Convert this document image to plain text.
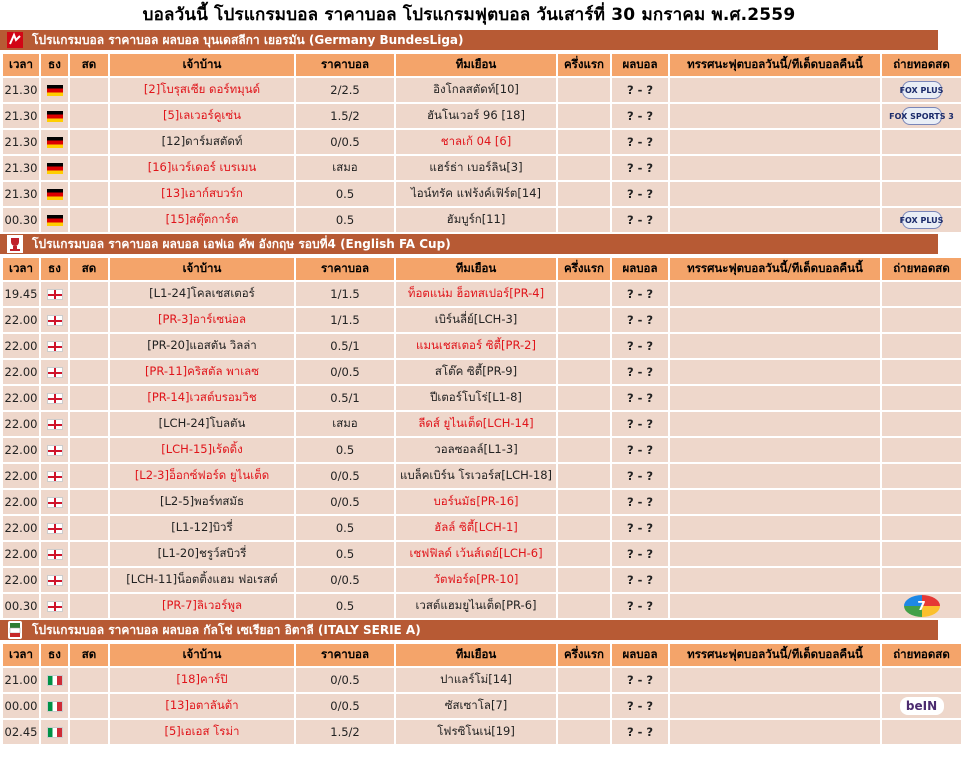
บอลวันนี้ โปรแกรมบอล ราคาบอล โปรแกรมฟุตบอล วันเสาร์ที่ 30 มกราคม พ.ศ.2559
โปรแกรมบอล ราคาบอล ผลบอล บุนเดสลีกา เยอรมัน (Germany BundesLiga)
เวลา	ธง	สด	เจ้าบ้าน	ราคาบอล	ทีมเยือน	ครึ่งแรก	ผลบอล	ทรรศนะฟุตบอลวันนี้/ทีเด็ดบอลคืนนี้	ถ่ายทอดสด
21.30			[2]โบรุสเซีย ดอร์ทมุนด์	2/2.5	อิงโกลสตัดท์[10]		? - ?		FOX PLUS
21.30			[5]เลเวอร์คูเซ่น	1.5/2	ฮันโนเวอร์ 96 [18]		? - ?		FOX SPORTS 3
21.30			[12]ดาร์มสตัดท์	0/0.5	ชาลเก้ 04 [6]		? - ?		
21.30			[16]แวร์เดอร์ เบรเมน	เสมอ	แฮร์ธ่า เบอร์ลิน[3]		? - ?		
21.30			[13]เอาก์สบวร์ก	0.5	ไอน์ทรัค แฟร้งค์เฟิร์ต[14]		? - ?		
00.30			[15]สตุ๊ตการ์ต	0.5	ฮัมบูร์ก[11]		? - ?		FOX PLUS
โปรแกรมบอล ราคาบอล ผลบอล เอฟเอ คัพ อังกฤษ รอบที่4 (English FA Cup)
เวลา	ธง	สด	เจ้าบ้าน	ราคาบอล	ทีมเยือน	ครึ่งแรก	ผลบอล	ทรรศนะฟุตบอลวันนี้/ทีเด็ดบอลคืนนี้	ถ่ายทอดสด
19.45			[L1-24]โคลเชสเตอร์	1/1.5	ท็อตแน่ม ฮ็อทสเปอร์[PR-4]		? - ?		
22.00			[PR-3]อาร์เซน่อล	1/1.5	เบิร์นลี่ย์[LCH-3]		? - ?		
22.00			[PR-20]แอสตัน วิลล่า	0.5/1	แมนเชสเตอร์ ซิตี้[PR-2]		? - ?		
22.00			[PR-11]คริสตัล พาเลซ	0/0.5	สโต๊ค ซิตี้[PR-9]		? - ?		
22.00			[PR-14]เวสต์บรอมวิช	0.5/1	ปีเตอร์โบโร่[L1-8]		? - ?		
22.00			[LCH-24]โบลตัน	เสมอ	ลีดส์ ยูไนเต็ด[LCH-14]		? - ?		
22.00			[LCH-15]เร้ดดิ้ง	0.5	วอลซอลล์[L1-3]		? - ?		
22.00			[L2-3]อ็อกซ์ฟอร์ด ยูไนเต็ด	0/0.5	แบล็คเบิร์น โรเวอร์ส[LCH-18]		? - ?		
22.00			[L2-5]พอร์ทสมัธ	0/0.5	บอร์นมัธ[PR-16]		? - ?		
22.00			[L1-12]บิวรี่	0.5	ฮัลล์ ซิตี้[LCH-1]		? - ?		
22.00			[L1-20]ชรูว์สบิวรี่	0.5	เชฟฟิลด์ เว้นส์เดย์[LCH-6]		? - ?		
22.00			[LCH-11]น็อตติ้งแฮม ฟอเรสต์	0/0.5	วัตฟอร์ด[PR-10]		? - ?		
00.30			[PR-7]ลิเวอร์พูล	0.5	เวสต์แฮมยูไนเต็ด[PR-6]		? - ?		7
โปรแกรมบอล ราคาบอล ผลบอล กัลโช่ เซเรียอา อิตาลี (ITALY SERIE A)
เวลา	ธง	สด	เจ้าบ้าน	ราคาบอล	ทีมเยือน	ครึ่งแรก	ผลบอล	ทรรศนะฟุตบอลวันนี้/ทีเด็ดบอลคืนนี้	ถ่ายทอดสด
21.00			[18]คาร์ปิ	0/0.5	ปาแลร์โม่[14]		? - ?		
00.00			[13]อตาลันต้า	0/0.5	ซัสเซาโล[7]		? - ?		beIN
02.45			[5]เอเอส โรม่า	1.5/2	โฟรซิโนเน่[19]		? - ?		
